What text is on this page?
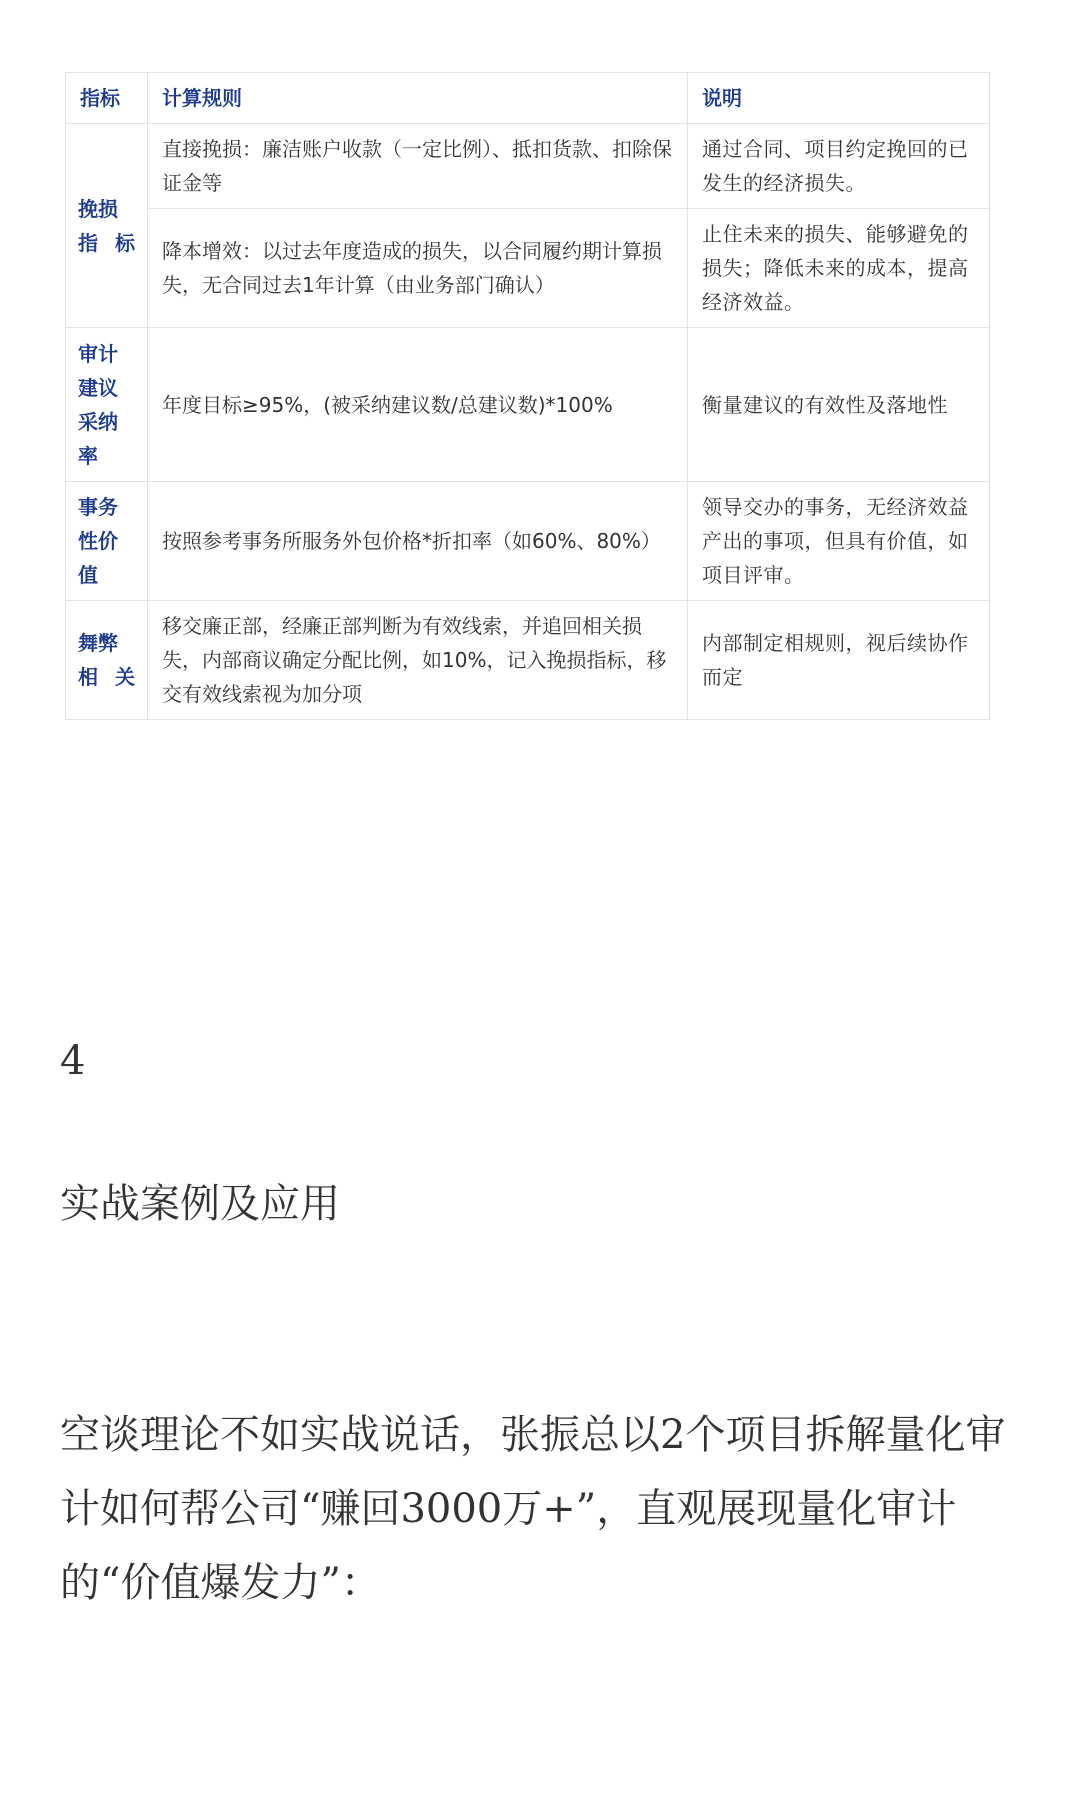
指标	计算规则	说明
挽损指标	直接挽损：廉洁账户收款（一定比例）、抵扣货款、扣除保证金等	通过合同、项目约定挽回的已发生的经济损失。
	降本增效：以过去年度造成的损失，以合同履约期计算损失，无合同过去1年计算（由业务部门确认）	止住未来的损失、能够避免的损失；降低未来的成本，提高经济效益。
审计建议采纳率	年度目标≥95%，(被采纳建议数/总建议数)*100%	衡量建议的有效性及落地性
事务性价值	按照参考事务所服务外包价格*折扣率（如60%、80%）	领导交办的事务，无经济效益产出的事项，但具有价值，如项目评审。
舞弊相关	移交廉正部，经廉正部判断为有效线索，并追回相关损失，内部商议确定分配比例，如10%，记入挽损指标，移交有效线索视为加分项	内部制定相规则，视后续协作而定
4
实战案例及应用

空谈理论不如实战说话，张振总以2个项目拆解量化审计如何帮公司“赚回3000万+”，直观展现量化审计的“价值爆发力”：
